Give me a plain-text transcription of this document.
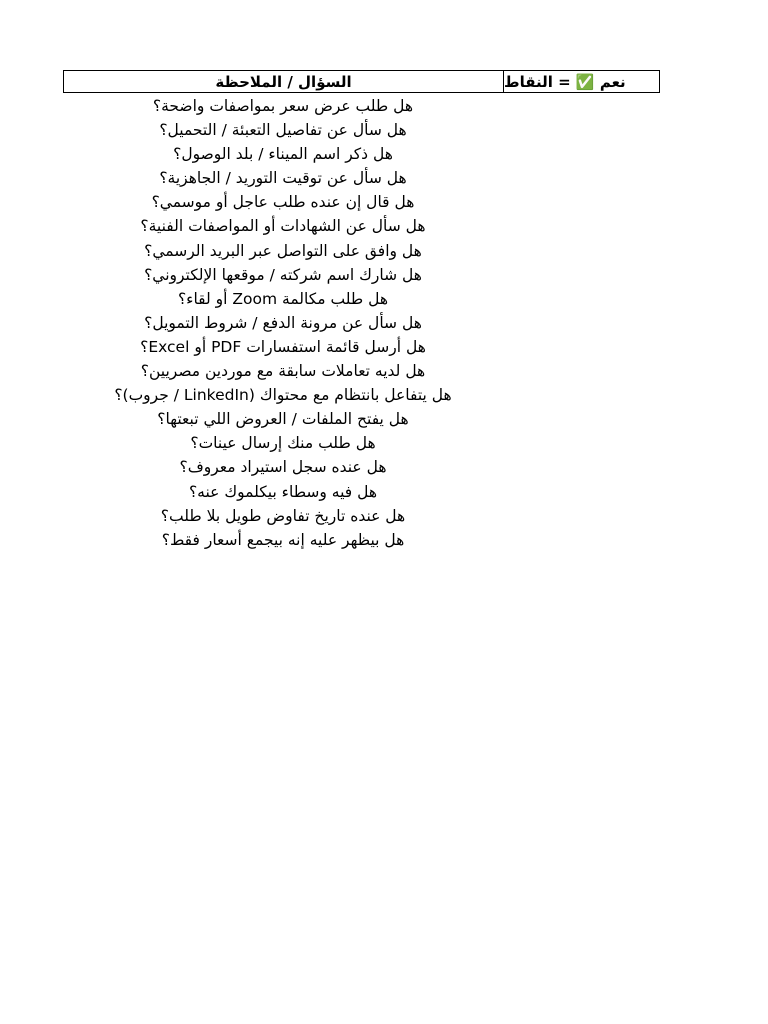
السؤال / الملاحظة	نعم ✅ = النقاط
هل طلب عرض سعر بمواصفات واضحة؟
هل سأل عن تفاصيل التعبئة / التحميل؟
هل ذكر اسم الميناء / بلد الوصول؟
هل سأل عن توقيت التوريد / الجاهزية؟
هل قال إن عنده طلب عاجل أو موسمي؟
هل سأل عن الشهادات أو المواصفات الفنية؟
هل وافق على التواصل عبر البريد الرسمي؟
هل شارك اسم شركته / موقعها الإلكتروني؟
هل طلب مكالمة Zoom أو لقاء؟
هل سأل عن مرونة الدفع / شروط التمويل؟
هل أرسل قائمة استفسارات PDF أو Excel؟
هل لديه تعاملات سابقة مع موردين مصريين؟
هل يتفاعل بانتظام مع محتواك (LinkedIn / جروب)؟
هل يفتح الملفات / العروض اللي تبعتها؟
هل طلب منك إرسال عينات؟
هل عنده سجل استيراد معروف؟
هل فيه وسطاء بيكلموك عنه؟
هل عنده تاريخ تفاوض طويل بلا طلب؟
هل بيظهر عليه إنه بيجمع أسعار فقط؟
